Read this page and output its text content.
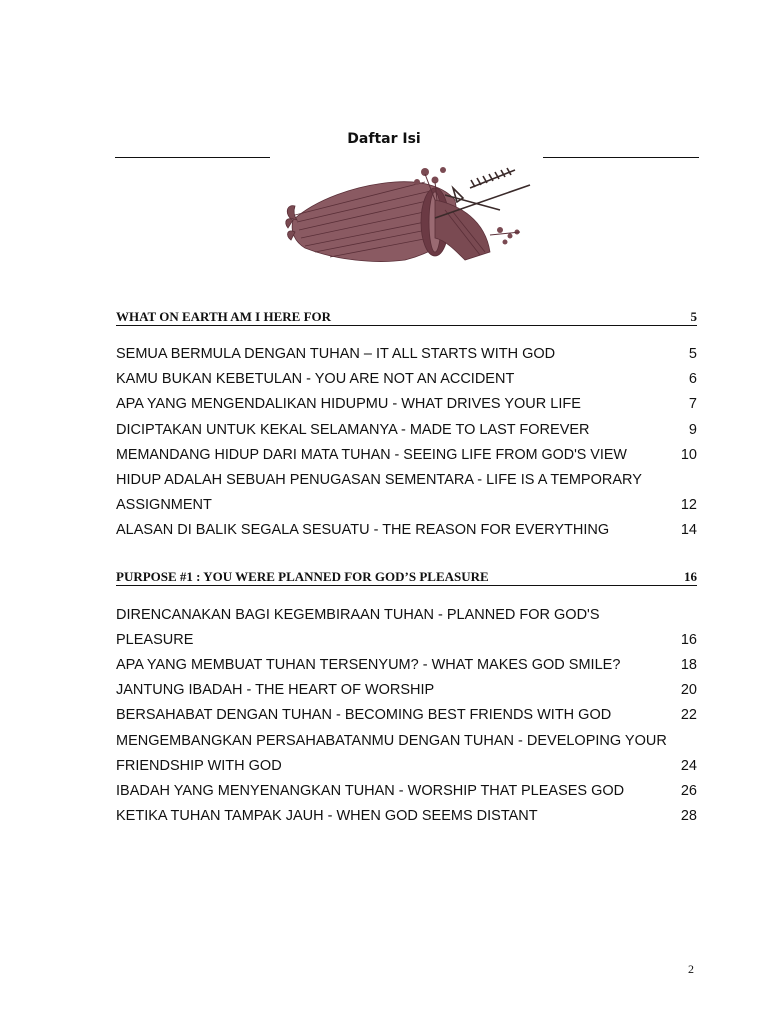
Daftar Isi
WHAT ON EARTH AM I HERE FOR	5
SEMUA BERMULA DENGAN TUHAN – IT ALL STARTS WITH GOD	5
KAMU BUKAN KEBETULAN - YOU ARE NOT AN ACCIDENT	6
APA YANG MENGENDALIKAN HIDUPMU - WHAT DRIVES YOUR LIFE	7
DICIPTAKAN UNTUK KEKAL SELAMANYA - MADE TO LAST FOREVER	9
MEMANDANG HIDUP DARI MATA TUHAN - SEEING LIFE FROM GOD'S VIEW	10
HIDUP ADALAH SEBUAH PENUGASAN SEMENTARA - LIFE IS A TEMPORARY ASSIGNMENT	12
ALASAN DI BALIK SEGALA SESUATU - THE REASON FOR EVERYTHING	14
PURPOSE #1 : YOU WERE PLANNED FOR GOD’S PLEASURE	16
DIRENCANAKAN BAGI KEGEMBIRAAN TUHAN - PLANNED FOR GOD'S PLEASURE	16
APA YANG MEMBUAT TUHAN TERSENYUM? - WHAT MAKES GOD SMILE?	18
JANTUNG IBADAH - THE HEART OF WORSHIP	20
BERSAHABAT DENGAN TUHAN - BECOMING BEST FRIENDS WITH GOD	22
MENGEMBANGKAN PERSAHABATANMU DENGAN TUHAN - DEVELOPING YOUR FRIENDSHIP WITH GOD	24
IBADAH YANG MENYENANGKAN TUHAN - WORSHIP THAT PLEASES GOD	26
KETIKA TUHAN TAMPAK JAUH - WHEN GOD SEEMS DISTANT	28
2
